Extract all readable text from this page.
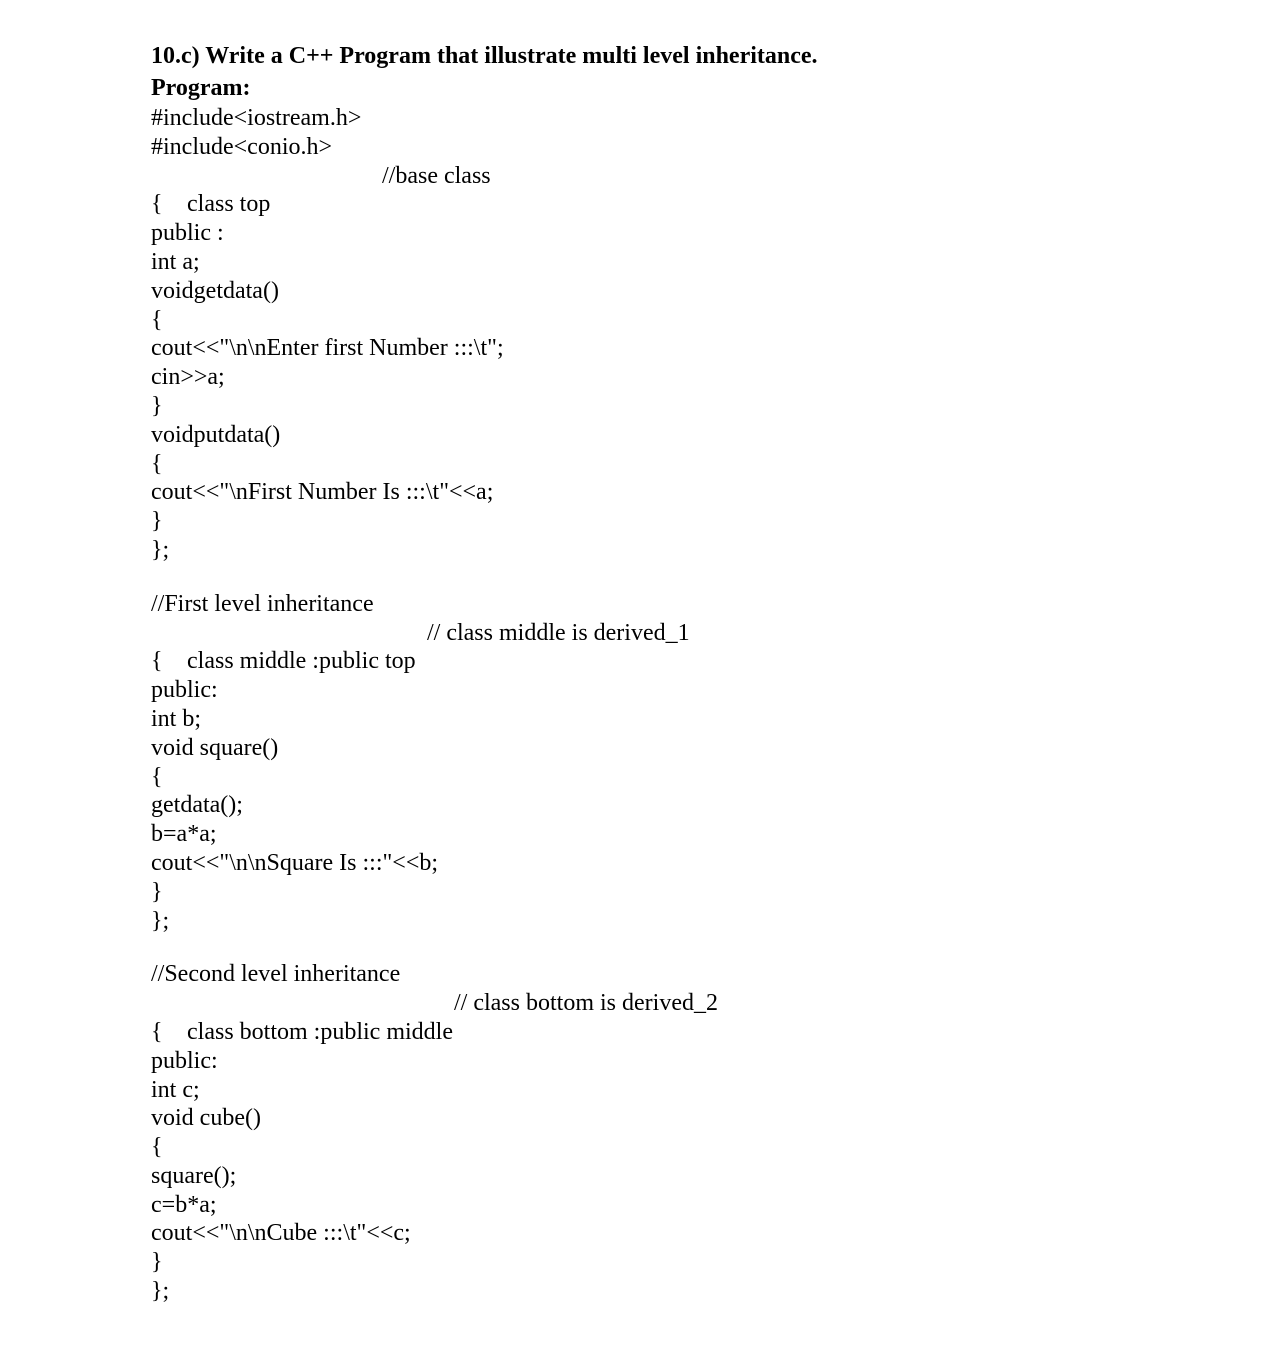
10.c) Write a C++ Program that illustrate multi level inheritance.
Program:
#include<iostream.h>
#include<conio.h>

class top

//base class

{
public :
int a;
voidgetdata()
{
cout<<"\n\nEnter first Number :::\t";
cin>>a;
}
voidputdata()
{
cout<<"\nFirst Number Is :::\t"<<a;
}
};
//First level inheritance

class middle :public top

// class middle is derived_1

{
public:
int b;
void square()
{
getdata();
b=a*a;
cout<<"\n\nSquare Is :::"<<b;
}
};
//Second level inheritance

class bottom :public middle

// class bottom is derived_2

{
public:
int c;
void cube()
{
square();
c=b*a;
cout<<"\n\nCube :::\t"<<c;
}
};
